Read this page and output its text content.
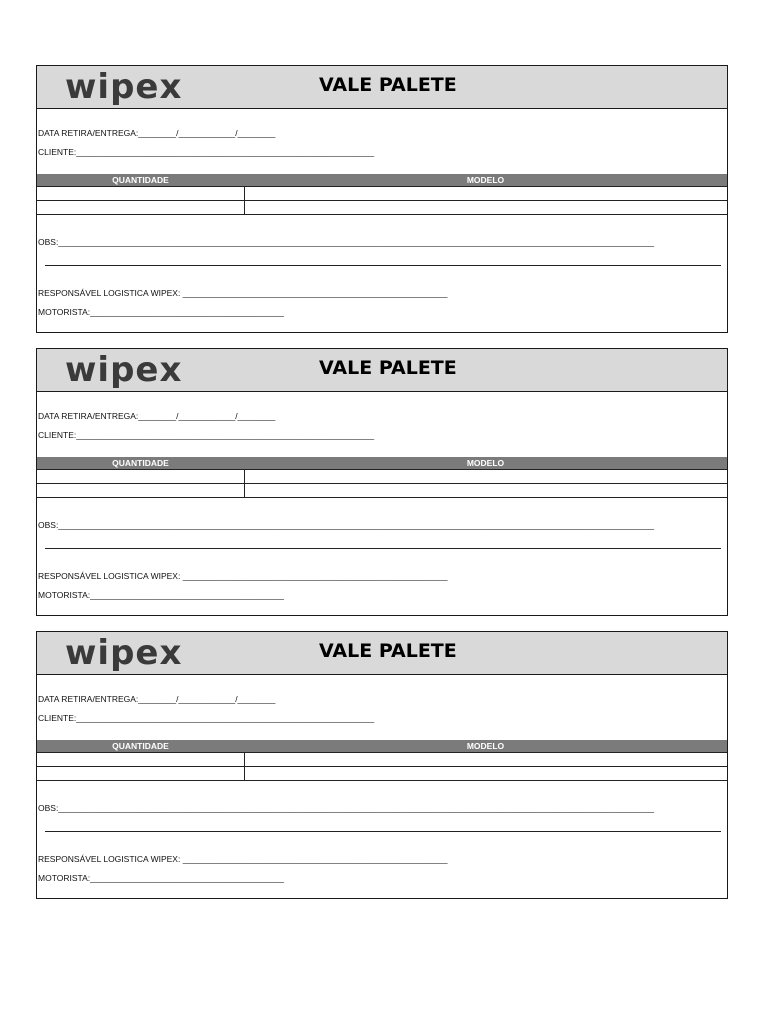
wipex	VALE PALETE
DATA RETIRA/ENTREGA:________/____________/________
CLIENTE:_______________________________________________________________
QUANTIDADE	MODELO

OBS:______________________________________________________________________________________________________________________________
RESPONSÁVEL LOGISTICA WIPEX: ________________________________________________________
MOTORISTA:_________________________________________
wipex	VALE PALETE
DATA RETIRA/ENTREGA:________/____________/________
CLIENTE:_______________________________________________________________
QUANTIDADE	MODELO

OBS:______________________________________________________________________________________________________________________________
RESPONSÁVEL LOGISTICA WIPEX: ________________________________________________________
MOTORISTA:_________________________________________
wipex	VALE PALETE
DATA RETIRA/ENTREGA:________/____________/________
CLIENTE:_______________________________________________________________
QUANTIDADE	MODELO

OBS:______________________________________________________________________________________________________________________________
RESPONSÁVEL LOGISTICA WIPEX: ________________________________________________________
MOTORISTA:_________________________________________
